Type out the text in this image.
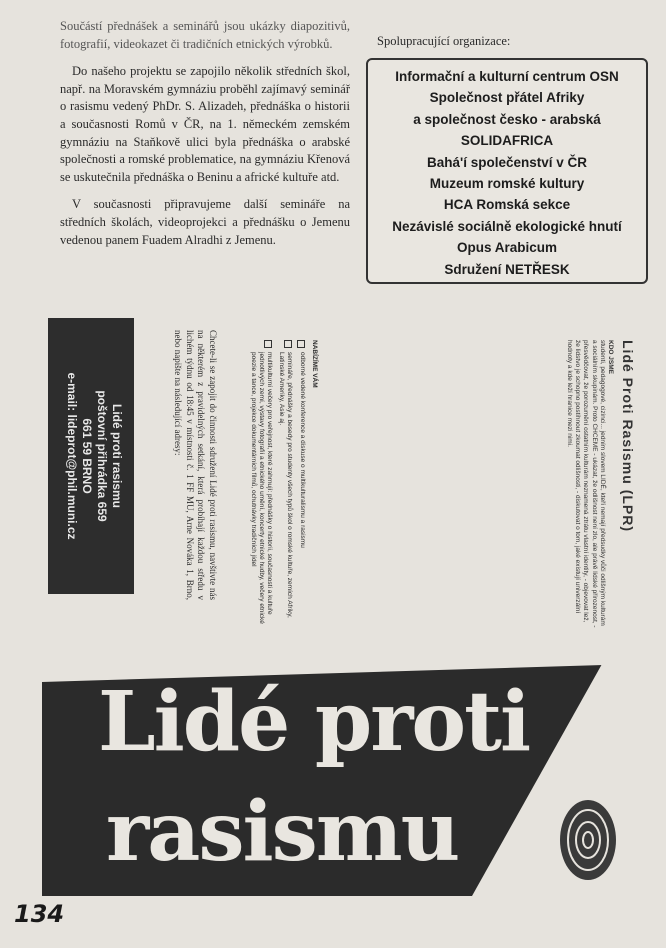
Součástí přednášek a seminářů jsou ukázky diapozitivů, fotografií, videokazet či tradičních etnických výrobků.

Do našeho projektu se zapojilo několik středních škol, např. na Moravském gymnáziu proběhl zajímavý seminář o rasismu vedený PhDr. S. Alizadeh, přednáška o historii a současnosti Romů v ČR, na 1. německém zemském gymnáziu na Staňkově ulici byla přednáška o arabské společnosti a romské problematice, na gymnáziu Křenová se uskutečnila přednáška o Beninu a africké kultuře atd.

V současnosti připravujeme další semináře na středních školách, videoprojekci a přednášku o Jemenu vedenou panem Fuadem Alradhi z Jemenu.

Spolupracující organizace:
Informační a kulturní centrum OSN
Společnost přátel Afriky
a společnost česko - arabská
SOLIDAFRICA
Bahá'í společenství v ČR
Muzeum romské kultury
HCA Romská sekce
Nezávislé sociálně ekologické hnutí
Opus Arabicum
Sdružení NETŘESK
Lidé Proti Rasismu (LPR)
KDO JSME
studenti, pedagogové, cizinci... jedním slovem LIDÉ, kteří nemají předsudky vůči odlišným kulturám a sociálním skupinám. Proto CHCEME - ukázat, že odlišnost není zlo, ale právě lidské přirozenost, - přesvědčovat, že porozumění ostatním kulturám neznamená ztrátu vlastní identity, - objevovat lež, že lidstvo je schopno postihnout zkoumat odlišnosti, - diskutovat o tom, jaké existují univerzální hodnoty a kde leží hranice mezi nimi.
NABÍZÍME VÁM
odborné vedené konference a diskuse o multikulturalismu a rasismu
semináře, přednášky a besedy pro studenty všech typů škol o romské kultuře, zemích Afriky, Latinské Ameriky, Asie aj.
multikulturní večery pro veřejnost, které zahrnují: přednášky o historii, současnosti a kultuře jednotlivých zemí, výstavy fotografií a etnického umění, koncerty etnické hudby, večery etnické poezie a tance, projekce dokumentárních filmů, ochutnávky tradičních jídel
Chcete-li se zapojit do činnosti sdružení Lidé proti rasismu, navštivte nás na některém z pravidelných setkání, která probíhají každou středu v lichém týdnu od 18:45 v místnosti č. 1 FF MU, Arne Nováka 1, Brno, nebo napište na následující adresy:
Lidé proti rasismu
poštovní přihrádka 659
661 59 BRNO
e-mail: lideprot@phil.muni.cz
Lidé proti
rasismu
134
